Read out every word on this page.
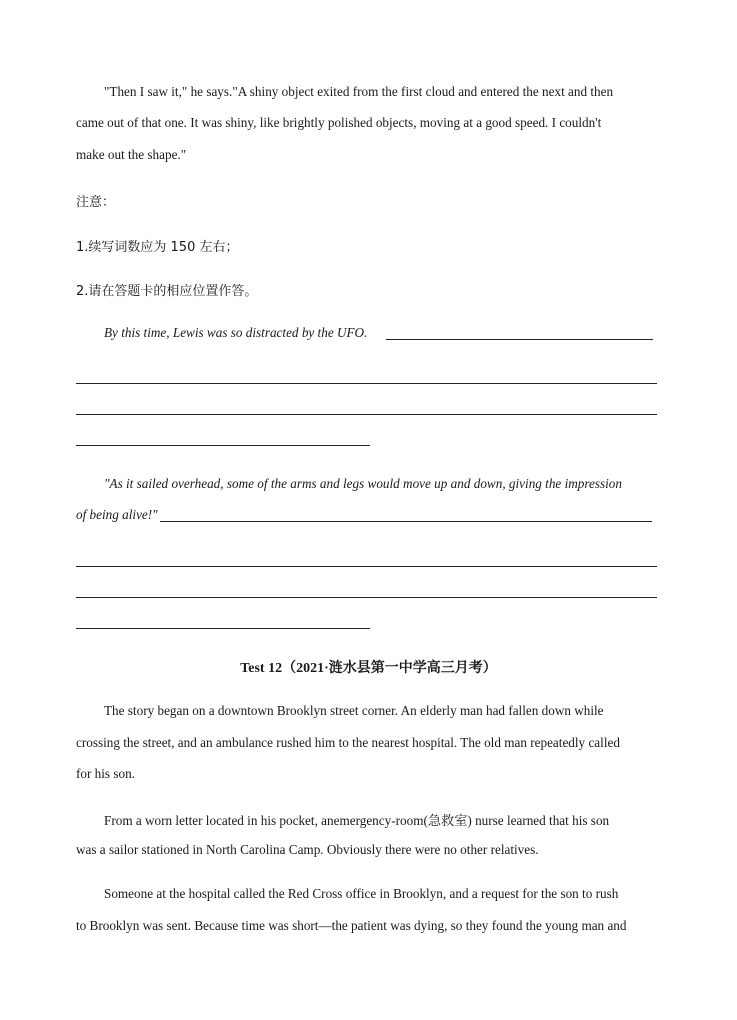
"Then I saw it," he says."A shiny object exited from the first cloud and entered the next and then
came out of that one. It was shiny, like brightly polished objects, moving at a good speed. I couldn't
make out the shape."
注意：
1.续写词数应为 150 左右；
2.请在答题卡的相应位置作答。
By this time, Lewis was so distracted by the UFO.
"As it sailed overhead, some of the arms and legs would move up and down, giving the impression
of being alive!"
Test 12（2021·涟水县第一中学高三月考）
The story began on a downtown Brooklyn street corner. An elderly man had fallen down while
crossing the street, and an ambulance rushed him to the nearest hospital. The old man repeatedly called
for his son.
From a worn letter located in his pocket, anemergency-room(急救室) nurse learned that his son
was a sailor stationed in North Carolina Camp. Obviously there were no other relatives.
Someone at the hospital called the Red Cross office in Brooklyn, and a request for the son to rush
to Brooklyn was sent. Because time was short—the patient was dying, so they found the young man and
